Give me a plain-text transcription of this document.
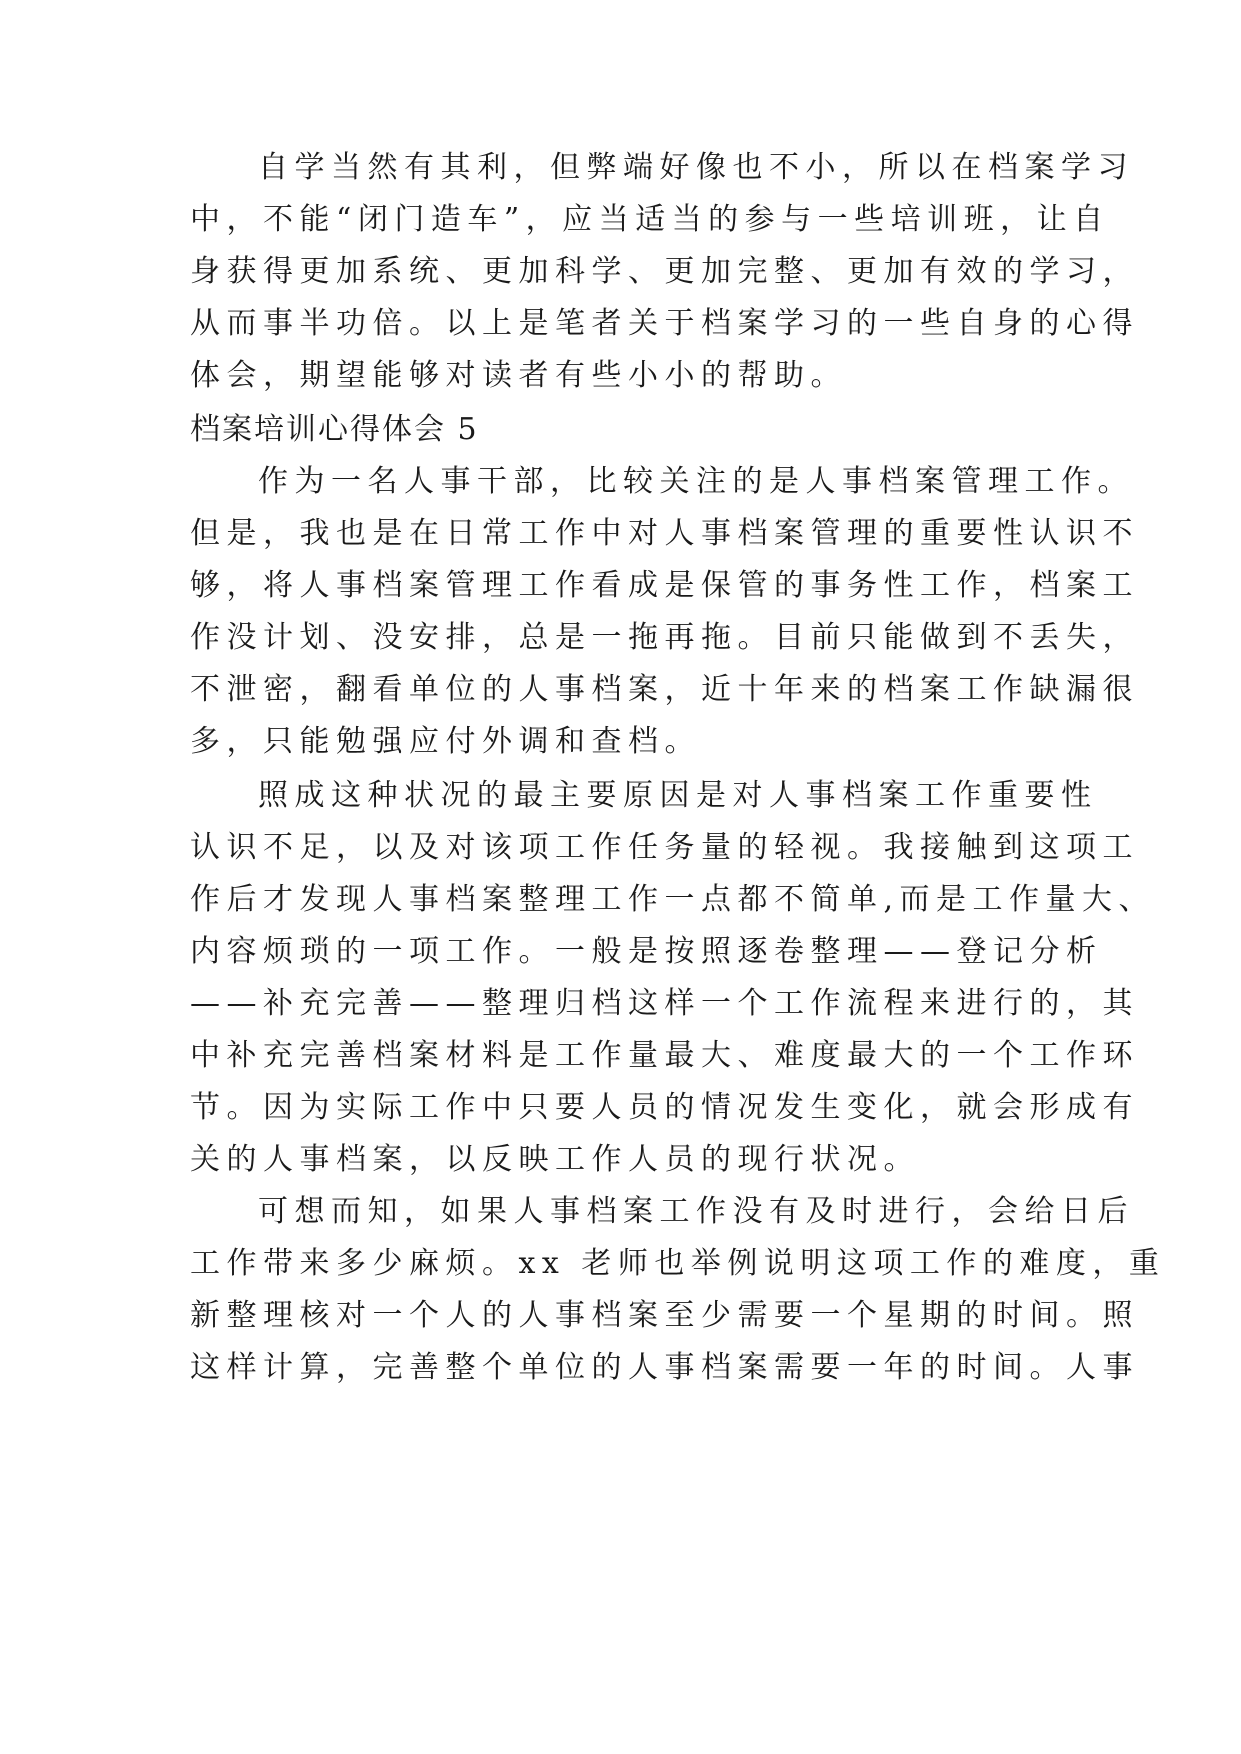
自学当然有其利，但弊端好像也不小，所以在档案学习
中，不能“闭门造车”，应当适当的参与一些培训班，让自
身获得更加系统、更加科学、更加完整、更加有效的学习，
从而事半功倍。以上是笔者关于档案学习的一些自身的心得
体会，期望能够对读者有些小小的帮助。
档案培训心得体会 5
作为一名人事干部，比较关注的是人事档案管理工作。
但是，我也是在日常工作中对人事档案管理的重要性认识不
够，将人事档案管理工作看成是保管的事务性工作，档案工
作没计划、没安排，总是一拖再拖。目前只能做到不丢失，
不泄密，翻看单位的人事档案，近十年来的档案工作缺漏很
多，只能勉强应付外调和查档。
照成这种状况的最主要原因是对人事档案工作重要性
认识不足，以及对该项工作任务量的轻视。我接触到这项工
作后才发现人事档案整理工作一点都不简单,而是工作量大、
内容烦琐的一项工作。一般是按照逐卷整理——登记分析
——补充完善——整理归档这样一个工作流程来进行的，其
中补充完善档案材料是工作量最大、难度最大的一个工作环
节。因为实际工作中只要人员的情况发生变化，就会形成有
关的人事档案，以反映工作人员的现行状况。
可想而知，如果人事档案工作没有及时进行，会给日后
工作带来多少麻烦。xx 老师也举例说明这项工作的难度，重
新整理核对一个人的人事档案至少需要一个星期的时间。照
这样计算，完善整个单位的人事档案需要一年的时间。人事
